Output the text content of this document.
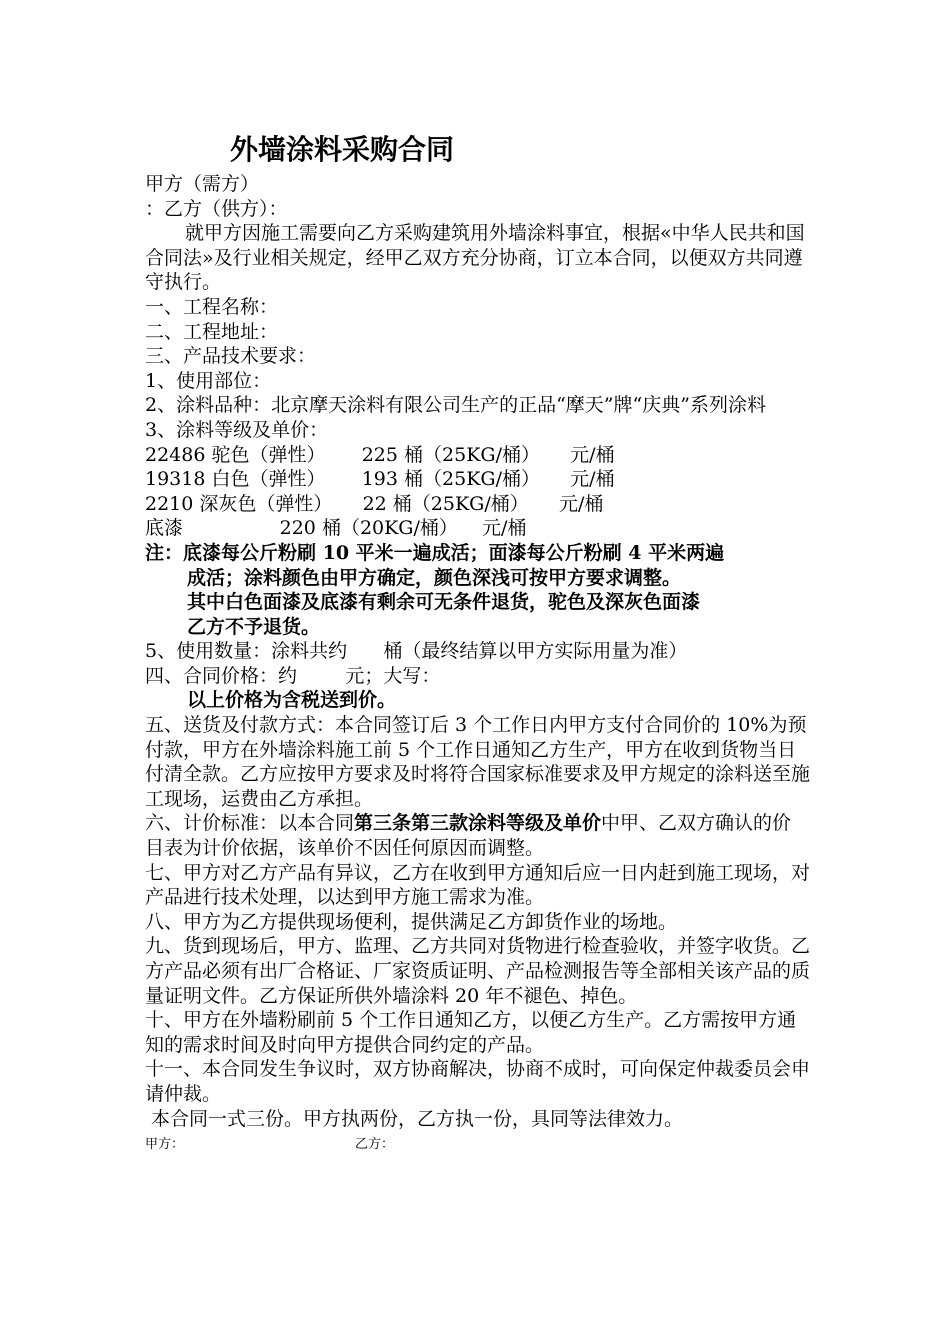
外墙涂料采购合同
甲方（需方）
：乙方（供方）：
就甲方因施工需要向乙方采购建筑用外墙涂料事宜，根据«中华人民共和国合同法»及行业相关规定，经甲乙双方充分协商，订立本合同，以便双方共同遵守执行。
一、工程名称：
二、工程地址：
三、产品技术要求：
1、使用部位：
2、涂料品种：北京摩天涂料有限公司生产的正品“摩天”牌“庆典”系列涂料
3、涂料等级及单价：
22486 驼色（弹性）      225 桶（25KG/桶）     元/桶
19318 白色（弹性）      193 桶（25KG/桶）     元/桶
2210 深灰色（弹性）     22 桶（25KG/桶）     元/桶
底漆                220 桶（20KG/桶）    元/桶
注：底漆每公斤粉刷 10 平米一遍成活；面漆每公斤粉刷 4 平米两遍
成活；涂料颜色由甲方确定，颜色深浅可按甲方要求调整。
其中白色面漆及底漆有剩余可无条件退货，驼色及深灰色面漆
乙方不予退货。
5、使用数量：涂料共约      桶（最终结算以甲方实际用量为准）
四、合同价格：约        元；大写：
以上价格为含税送到价。
五、送货及付款方式：本合同签订后 3 个工作日内甲方支付合同价的 10%为预付款，甲方在外墙涂料施工前 5 个工作日通知乙方生产，甲方在收到货物当日付清全款。乙方应按甲方要求及时将符合国家标准要求及甲方规定的涂料送至施工现场，运费由乙方承担。
六、计价标准：以本合同第三条第三款涂料等级及单价中甲、乙双方确认的价目表为计价依据，该单价不因任何原因而调整。
七、甲方对乙方产品有异议，乙方在收到甲方通知后应一日内赶到施工现场，对产品进行技术处理，以达到甲方施工需求为准。
八、甲方为乙方提供现场便利，提供满足乙方卸货作业的场地。
九、货到现场后，甲方、监理、乙方共同对货物进行检查验收，并签字收货。乙方产品必须有出厂合格证、厂家资质证明、产品检测报告等全部相关该产品的质量证明文件。乙方保证所供外墙涂料 20 年不褪色、掉色。
十、甲方在外墙粉刷前 5 个工作日通知乙方，以便乙方生产。乙方需按甲方通知的需求时间及时向甲方提供合同约定的产品。
十一、本合同发生争议时，双方协商解决，协商不成时，可向保定仲裁委员会申请仲裁。
本合同一式三份。甲方执两份，乙方执一份，具同等法律效力。
甲方：	乙方：
